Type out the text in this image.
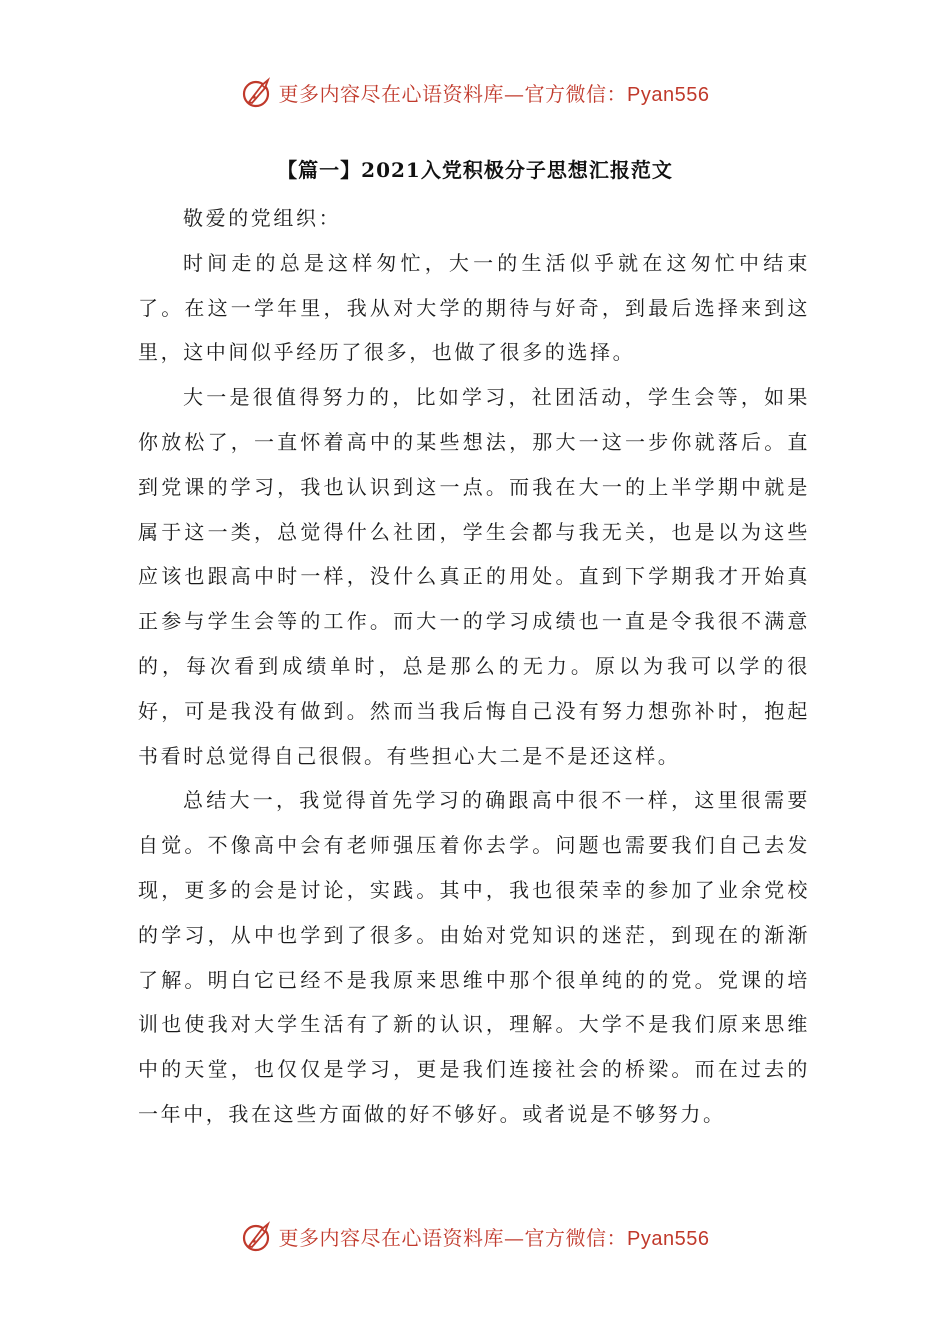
更多内容尽在心语资料库—官方微信：Pyan556
【篇一】2021入党积极分子思想汇报范文

敬爱的党组织：

时间走的总是这样匆忙，大一的生活似乎就在这匆忙中结束了。在这一学年里，我从对大学的期待与好奇，到最后选择来到这里，这中间似乎经历了很多，也做了很多的选择。

大一是很值得努力的，比如学习，社团活动，学生会等，如果你放松了，一直怀着高中的某些想法，那大一这一步你就落后。直到党课的学习，我也认识到这一点。而我在大一的上半学期中就是属于这一类，总觉得什么社团，学生会都与我无关，也是以为这些应该也跟高中时一样，没什么真正的用处。直到下学期我才开始真正参与学生会等的工作。而大一的学习成绩也一直是令我很不满意的，每次看到成绩单时，总是那么的无力。原以为我可以学的很好，可是我没有做到。然而当我后悔自己没有努力想弥补时，抱起书看时总觉得自己很假。有些担心大二是不是还这样。

总结大一，我觉得首先学习的确跟高中很不一样，这里很需要自觉。不像高中会有老师强压着你去学。问题也需要我们自己去发现，更多的会是讨论，实践。其中，我也很荣幸的参加了业余党校的学习，从中也学到了很多。由始对党知识的迷茫，到现在的渐渐了解。明白它已经不是我原来思维中那个很单纯的的党。党课的培训也使我对大学生活有了新的认识，理解。大学不是我们原来思维中的天堂，也仅仅是学习，更是我们连接社会的桥梁。而在过去的一年中，我在这些方面做的好不够好。或者说是不够努力。

更多内容尽在心语资料库—官方微信：Pyan556
